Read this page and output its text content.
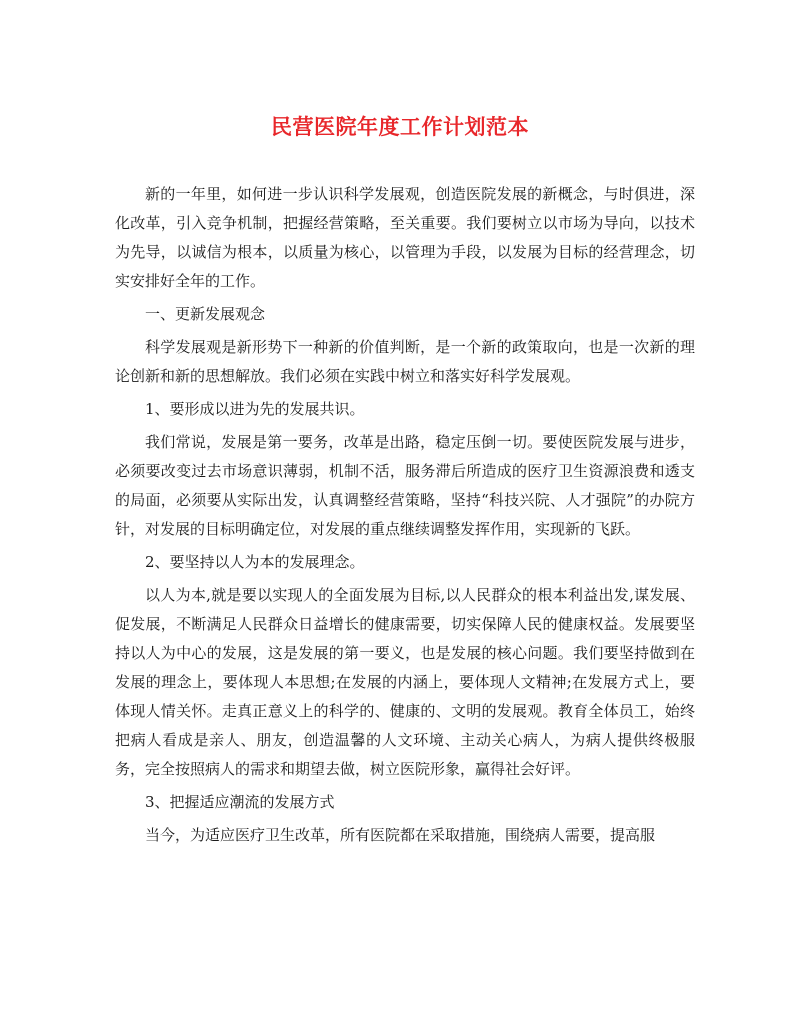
民营医院年度工作计划范本

新的一年里，如何进一步认识科学发展观，创造医院发展的新概念，与时俱进，深化改革，引入竞争机制，把握经营策略，至关重要。我们要树立以市场为导向，以技术为先导，以诚信为根本，以质量为核心，以管理为手段，以发展为目标的经营理念，切实安排好全年的工作。

一、更新发展观念

科学发展观是新形势下一种新的价值判断，是一个新的政策取向，也是一次新的理论创新和新的思想解放。我们必须在实践中树立和落实好科学发展观。

1、要形成以进为先的发展共识。

我们常说，发展是第一要务，改革是出路，稳定压倒一切。要使医院发展与进步，必须要改变过去市场意识薄弱，机制不活，服务滞后所造成的医疗卫生资源浪费和透支的局面，必须要从实际出发，认真调整经营策略，坚持“科技兴院、人才强院”的办院方针，对发展的目标明确定位，对发展的重点继续调整发挥作用，实现新的飞跃。

2、要坚持以人为本的发展理念。

以人为本,就是要以实现人的全面发展为目标,以人民群众的根本利益出发,谋发展、促发展，不断满足人民群众日益增长的健康需要，切实保障人民的健康权益。发展要坚持以人为中心的发展，这是发展的第一要义，也是发展的核心问题。我们要坚持做到在发展的理念上，要体现人本思想;在发展的内涵上，要体现人文精神;在发展方式上，要体现人情关怀。走真正意义上的科学的、健康的、文明的发展观。教育全体员工，始终把病人看成是亲人、朋友，创造温馨的人文环境、主动关心病人，为病人提供终极服务，完全按照病人的需求和期望去做，树立医院形象，赢得社会好评。

3、把握适应潮流的发展方式

当今，为适应医疗卫生改革，所有医院都在采取措施，围绕病人需要，提高服
